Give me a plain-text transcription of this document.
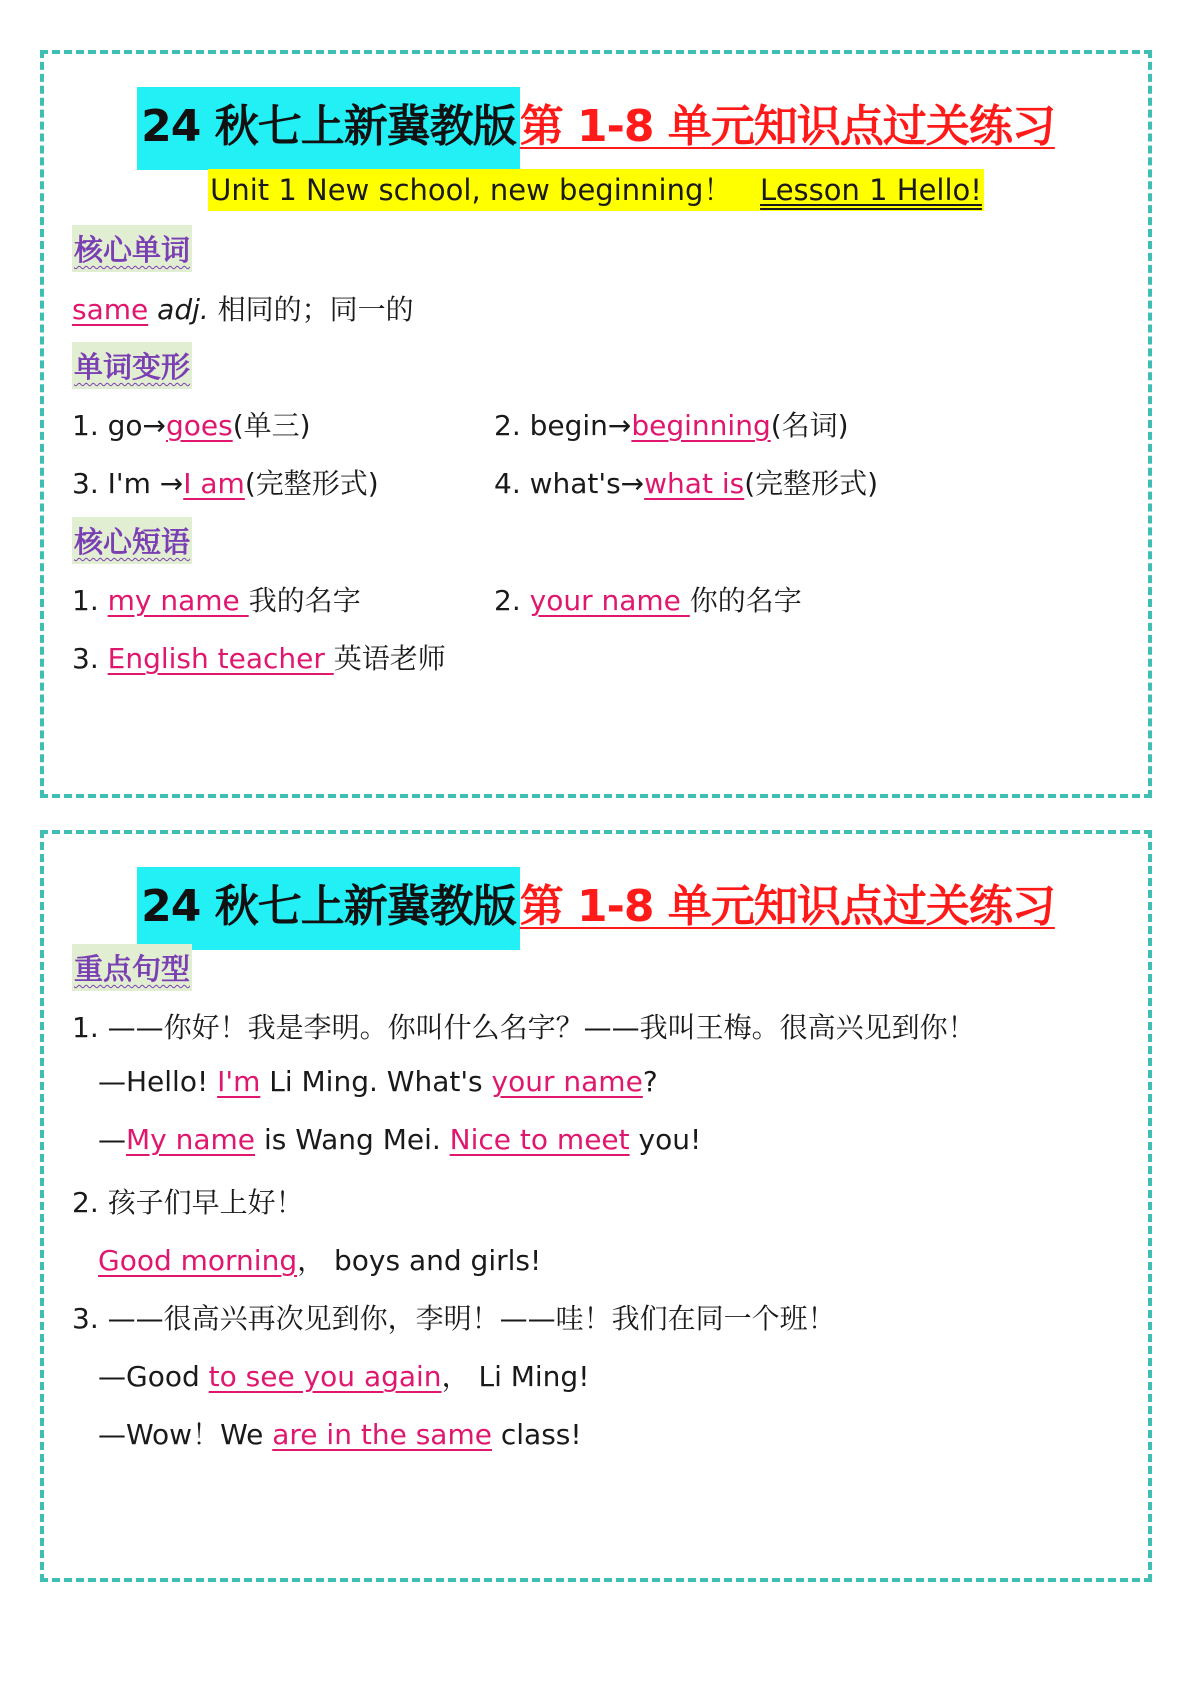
24 秋七上新冀教版第 1-8 单元知识点过关练习
Unit 1 New school, new beginning！ Lesson 1 Hello!
核心单词
same adj. 相同的；同一的
单词变形
1. go→goes(单三)	2. begin→beginning(名词)
3. I'm →I am(完整形式)	4. what's→what is(完整形式)
核心短语
1. my name 我的名字	2. your name 你的名字
3. English teacher 英语老师
24 秋七上新冀教版第 1-8 单元知识点过关练习
重点句型
1. ——你好！我是李明。你叫什么名字？——我叫王梅。很高兴见到你！
—Hello! I'm Li Ming. What's your name?
—My name is Wang Mei. Nice to meet you!
2. 孩子们早上好！
Good morning， boys and girls!
3. ——很高兴再次见到你，李明！——哇！我们在同一个班！
—Good to see you again， Li Ming!
—Wow！We are in the same class!
